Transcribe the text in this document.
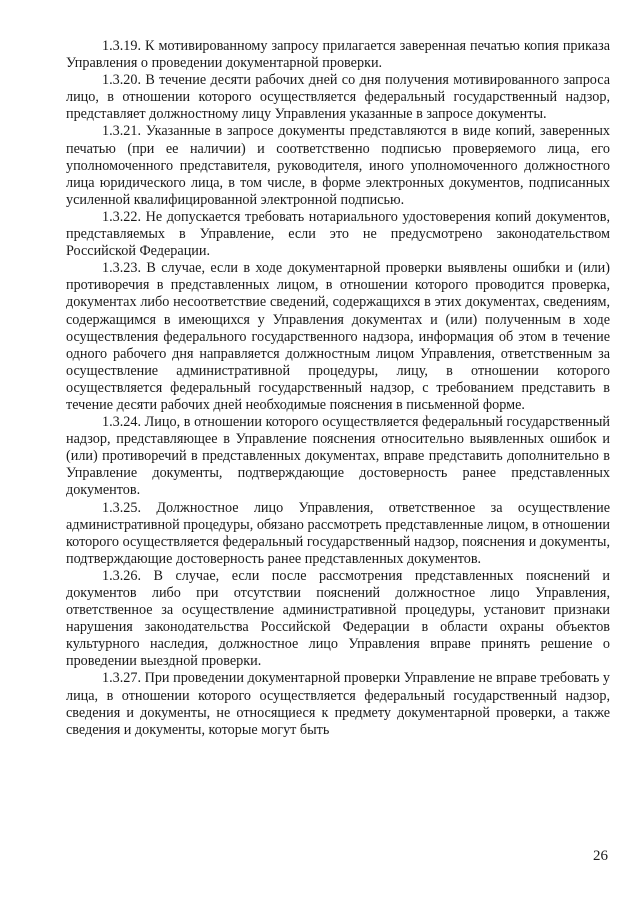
1.3.19. К мотивированному запросу прилагается заверенная печатью копия приказа Управления о проведении документарной проверки.

1.3.20. В течение десяти рабочих дней со дня получения мотивированного запроса лицо, в отношении которого осуществляется федеральный государственный надзор, представляет должностному лицу Управления указанные в запросе документы.

1.3.21. Указанные в запросе документы представляются в виде копий, заверенных печатью (при ее наличии) и соответственно подписью проверяемого лица, его уполномоченного представителя, руководителя, иного уполномоченного должностного лица юридического лица, в том числе, в форме электронных документов, подписанных усиленной квалифицированной электронной подписью.

1.3.22. Не допускается требовать нотариального удостоверения копий документов, представляемых в Управление, если это не предусмотрено законодательством Российской Федерации.

1.3.23. В случае, если в ходе документарной проверки выявлены ошибки и (или) противоречия в представленных лицом, в отношении которого проводится проверка, документах либо несоответствие сведений, содержащихся в этих документах, сведениям, содержащимся в имеющихся у Управления документах и (или) полученным в ходе осуществления федерального государственного надзора, информация об этом в течение одного рабочего дня направляется должностным лицом Управления, ответственным за осуществление административной процедуры, лицу, в отношении которого осуществляется федеральный государственный надзор, с требованием представить в течение десяти рабочих дней необходимые пояснения в письменной форме.

1.3.24. Лицо, в отношении которого осуществляется федеральный государственный надзор, представляющее в Управление пояснения относительно выявленных ошибок и (или) противоречий в представленных документах, вправе представить дополнительно в Управление документы, подтверждающие достоверность ранее представленных документов.

1.3.25. Должностное лицо Управления, ответственное за осуществление административной процедуры, обязано рассмотреть представленные лицом, в отношении которого осуществляется федеральный государственный надзор, пояснения и документы, подтверждающие достоверность ранее представленных документов.

1.3.26. В случае, если после рассмотрения представленных пояснений и документов либо при отсутствии пояснений должностное лицо Управления, ответственное за осуществление административной процедуры, установит признаки нарушения законодательства Российской Федерации в области охраны объектов культурного наследия, должностное лицо Управления вправе принять решение о проведении выездной проверки.

1.3.27. При проведении документарной проверки Управление не вправе требовать у лица, в отношении которого осуществляется федеральный государственный надзор, сведения и документы, не относящиеся к предмету документарной проверки, а также сведения и документы, которые могут быть

26
